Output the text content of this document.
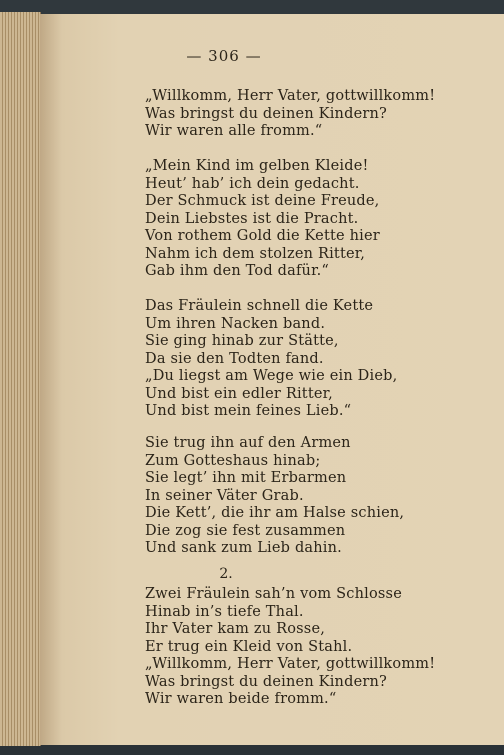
— 306 —
„Willkomm, Herr Vater, gottwillkomm!
Was bringst du deinen Kindern?
Wir waren alle fromm.“
„Mein Kind im gelben Kleide!
Heut’ hab’ ich dein gedacht.
Der Schmuck ist deine Freude,
Dein Liebstes ist die Pracht.
Von rothem Gold die Kette hier
Nahm ich dem stolzen Ritter,
Gab ihm den Tod dafür.“
Das Fräulein schnell die Kette
Um ihren Nacken band.
Sie ging hinab zur Stätte,
Da sie den Todten fand.
„Du liegst am Wege wie ein Dieb,
Und bist ein edler Ritter,
Und bist mein feines Lieb.“
Sie trug ihn auf den Armen
Zum Gotteshaus hinab;
Sie legt’ ihn mit Erbarmen
In seiner Väter Grab.
Die Kett’, die ihr am Halse schien,
Die zog sie fest zusammen
Und sank zum Lieb dahin.
2.
Zwei Fräulein sah’n vom Schlosse
Hinab in’s tiefe Thal.
Ihr Vater kam zu Rosse,
Er trug ein Kleid von Stahl.
„Willkomm, Herr Vater, gottwillkomm!
Was bringst du deinen Kindern?
Wir waren beide fromm.“
